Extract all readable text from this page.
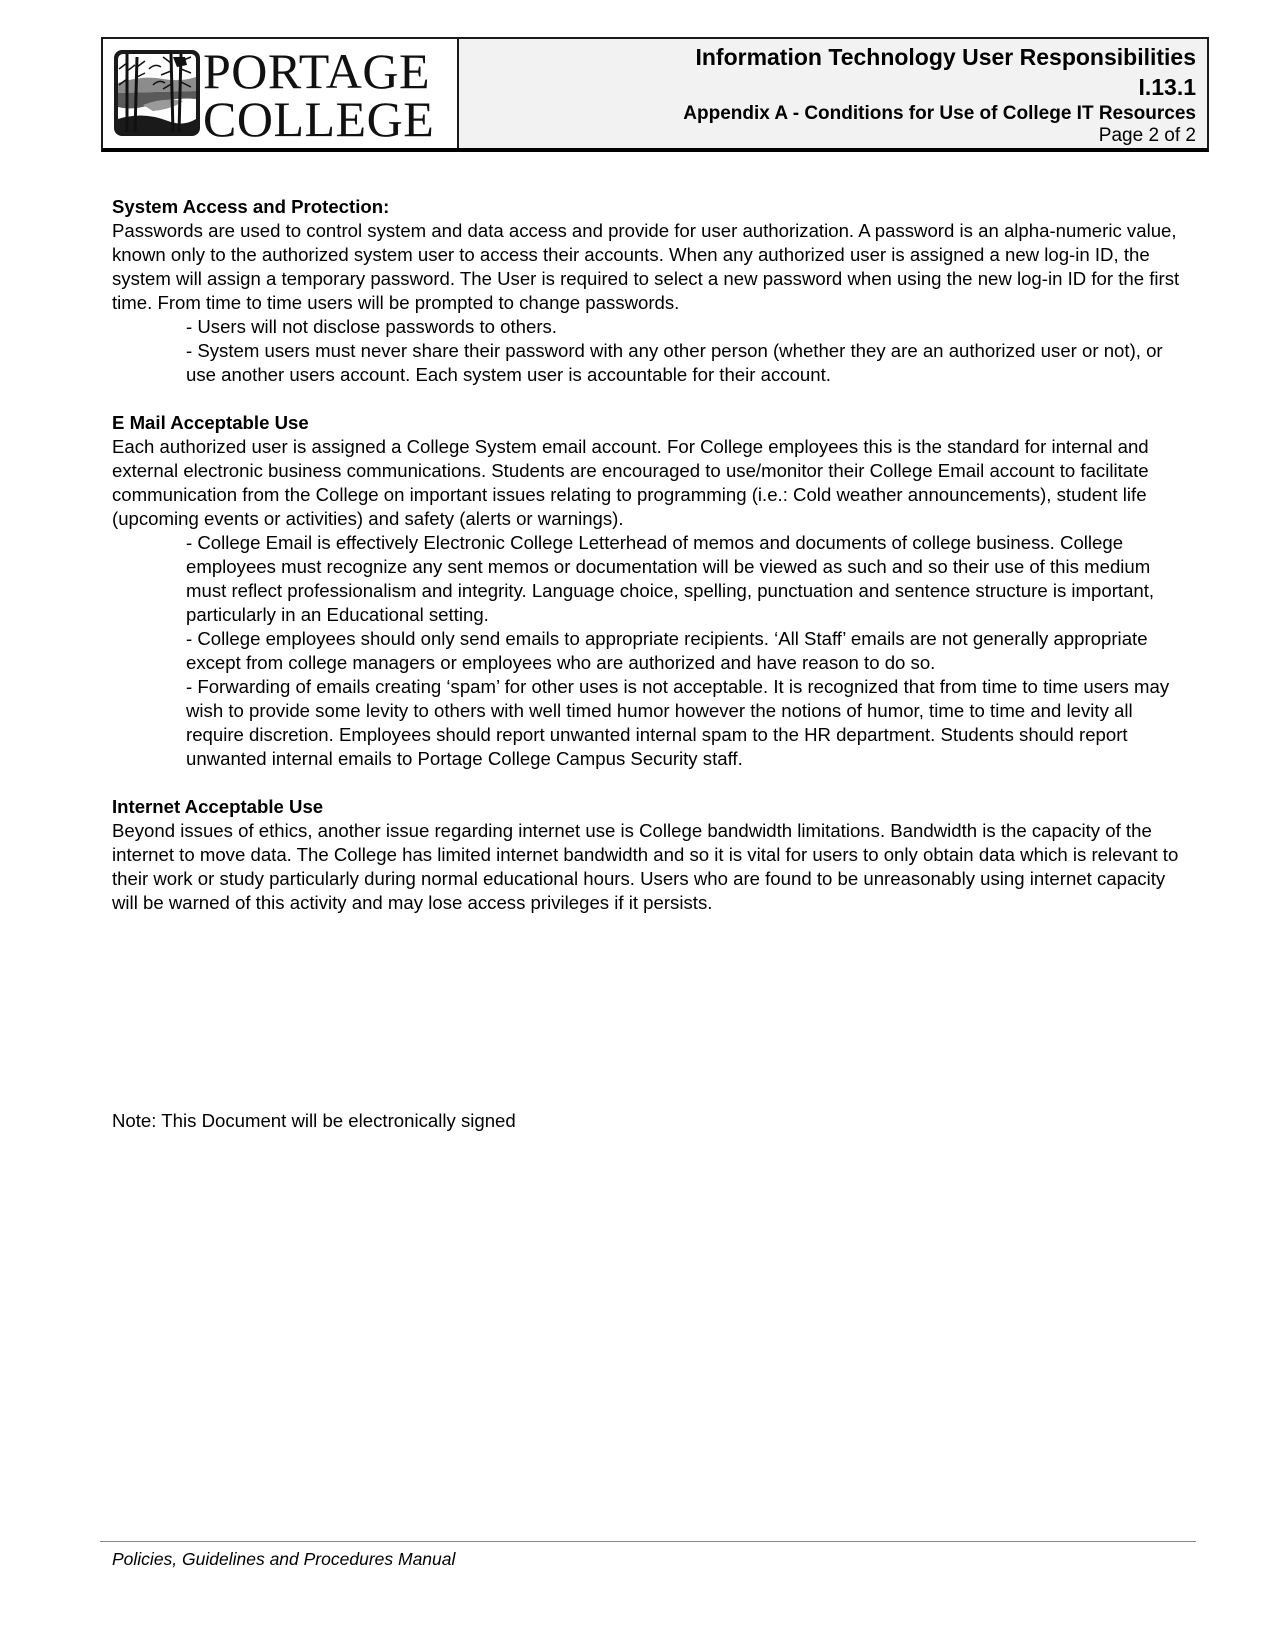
PORTAGE
COLLEGE
Information Technology User Responsibilities
I.13.1
Appendix A - Conditions for Use of College IT Resources
Page 2 of 2
System Access and Protection:

Passwords are used to control system and data access and provide for user authorization. A password is an alpha-numeric value, known only to the authorized system user to access their accounts. When any authorized user is assigned a new log-in ID, the system will assign a temporary password. The User is required to select a new password when using the new log-in ID for the first time. From time to time users will be prompted to change passwords.

- Users will not disclose passwords to others.
- System users must never share their password with any other person (whether they are an authorized user or not), or use another users account. Each system user is accountable for their account.
E Mail Acceptable Use

Each authorized user is assigned a College System email account. For College employees this is the standard for internal and external electronic business communications. Students are encouraged to use/monitor their College Email account to facilitate communication from the College on important issues relating to programming (i.e.: Cold weather announcements), student life (upcoming events or activities) and safety (alerts or warnings).

- College Email is effectively Electronic College Letterhead of memos and documents of college business. College employees must recognize any sent memos or documentation will be viewed as such and so their use of this medium must reflect professionalism and integrity. Language choice, spelling, punctuation and sentence structure is important, particularly in an Educational setting.
- College employees should only send emails to appropriate recipients. ‘All Staff’ emails are not generally appropriate except from college managers or employees who are authorized and have reason to do so.
- Forwarding of emails creating ‘spam’ for other uses is not acceptable. It is recognized that from time to time users may wish to provide some levity to others with well timed humor however the notions of humor, time to time and levity all require discretion. Employees should report unwanted internal spam to the HR department. Students should report unwanted internal emails to Portage College Campus Security staff.
Internet Acceptable Use

Beyond issues of ethics, another issue regarding internet use is College bandwidth limitations. Bandwidth is the capacity of the internet to move data. The College has limited internet bandwidth and so it is vital for users to only obtain data which is relevant to their work or study particularly during normal educational hours. Users who are found to be unreasonably using internet capacity will be warned of this activity and may lose access privileges if it persists.

Note: This Document will be electronically signed
Policies, Guidelines and Procedures Manual
